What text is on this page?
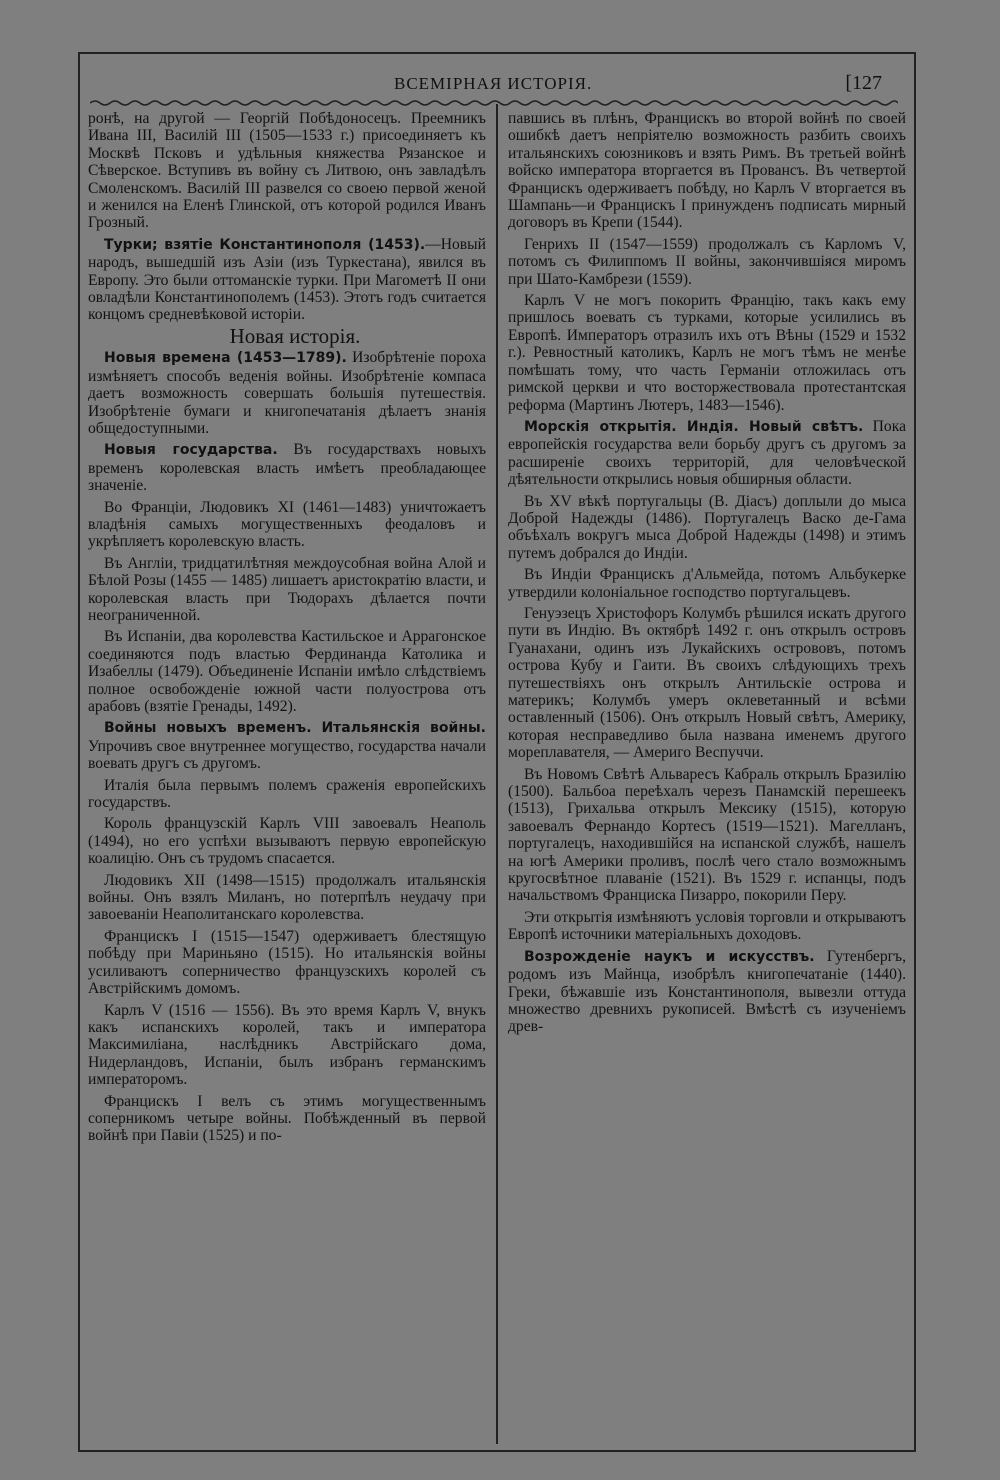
ВСЕМІРНАЯ ИСТОРІЯ.	[127

ронѣ, на другой — Георгій Побѣдоносецъ. Преемникъ Ивана III, Василій III (1505—1533 г.) присоединяетъ къ Москвѣ Псковъ и удѣльныя княжества Рязанское и Сѣверское. Вступивъ въ войну съ Литвою, онъ завладѣлъ Смоленскомъ. Василій III развелся со своею первой женой и женился на Еленѣ Глинской, отъ которой родился Иванъ Грозный.

Турки; взятіе Константинополя (1453).—Новый народъ, вышедшій изъ Азіи (изъ Туркестана), явился въ Европу. Это были оттоманскіе турки. При Магометѣ II они овладѣли Константинополемъ (1453). Этотъ годъ считается концомъ средневѣковой исторіи.

Новая исторія.

Новыя времена (1453—1789). Изобрѣтеніе пороха измѣняетъ способъ веденія войны. Изобрѣтеніе компаса даетъ возможность совершать большія путешествія. Изобрѣтеніе бумаги и книгопечатанія дѣлаетъ знанія общедоступными.

Новыя государства. Въ государствахъ новыхъ временъ королевская власть имѣетъ преобладающее значеніе.

Во Франціи, Людовикъ XI (1461—1483) уничтожаетъ владѣнія самыхъ могущественныхъ феодаловъ и укрѣпляетъ королевскую власть.

Въ Англіи, тридцатилѣтняя междоусобная война Алой и Бѣлой Розы (1455 — 1485) лишаетъ аристократію власти, и королевская власть при Тюдорахъ дѣлается почти неограниченной.

Въ Испаніи, два королевства Кастильское и Аррагонское соединяются подъ властью Фердинанда Католика и Изабеллы (1479). Объединеніе Испаніи имѣло слѣдствіемъ полное освобожденіе южной части полуострова отъ арабовъ (взятіе Гренады, 1492).

Войны новыхъ временъ. Итальянскія войны. Упрочивъ свое внутреннее могущество, государства начали воевать другъ съ другомъ.

Италія была первымъ полемъ сраженія европейскихъ государствъ.

Король французскій Карлъ VIII завоевалъ Неаполь (1494), но его успѣхи вызываютъ первую европейскую коалицію. Онъ съ трудомъ спасается.

Людовикъ XII (1498—1515) продолжалъ итальянскія войны. Онъ взялъ Миланъ, но потерпѣлъ неудачу при завоеваніи Неаполитанскаго королевства.

Францискъ I (1515—1547) одерживаетъ блестящую побѣду при Мариньяно (1515). Но итальянскія войны усиливаютъ соперничество французскихъ королей съ Австрійскимъ домомъ.

Карлъ V (1516 — 1556). Въ это время Карлъ V, внукъ какъ испанскихъ королей, такъ и императора Максимиліана, наслѣдникъ Австрійскаго дома, Нидерландовъ, Испаніи, былъ избранъ германскимъ императоромъ.

Францискъ I велъ съ этимъ могущественнымъ соперникомъ четыре войны. Побѣжденный въ первой войнѣ при Павіи (1525) и по-

павшись въ плѣнъ, Францискъ во второй войнѣ по своей ошибкѣ даетъ непріятелю возможность разбить своихъ итальянскихъ союзниковъ и взять Римъ. Въ третьей войнѣ войско императора вторгается въ Провансъ. Въ четвертой Францискъ одерживаетъ побѣду, но Карлъ V вторгается въ Шампань—и Францискъ I принужденъ подписать мирный договоръ въ Крепи (1544).

Генрихъ II (1547—1559) продолжалъ съ Карломъ V, потомъ съ Филиппомъ II войны, закончившіяся миромъ при Шато-Камбрези (1559).

Карлъ V не могъ покорить Францію, такъ какъ ему пришлось воевать съ турками, которые усилились въ Европѣ. Императоръ отразилъ ихъ отъ Вѣны (1529 и 1532 г.). Ревностный католикъ, Карлъ не могъ тѣмъ не менѣе помѣшать тому, что часть Германіи отложилась отъ римской церкви и что восторжествовала протестантская реформа (Мартинъ Лютеръ, 1483—1546).

Морскія открытія. Индія. Новый свѣтъ. Пока европейскія государства вели борьбу другъ съ другомъ за расширеніе своихъ территорій, для человѣческой дѣятельности открылись новыя обширныя области.

Въ XV вѣкѣ португальцы (В. Діасъ) доплыли до мыса Доброй Надежды (1486). Португалецъ Васко де-Гама объѣхалъ вокругъ мыса Доброй Надежды (1498) и этимъ путемъ добрался до Индіи.

Въ Индіи Францискъ д'Альмейда, потомъ Альбукерке утвердили колоніальное господство португальцевъ.

Генуэзецъ Христофоръ Колумбъ рѣшился искать другого пути въ Индію. Въ октябрѣ 1492 г. онъ открылъ островъ Гуанахани, одинъ изъ Лукайскихъ острововъ, потомъ острова Кубу и Гаити. Въ своихъ слѣдующихъ трехъ путешествіяхъ онъ открылъ Антильскіе острова и материкъ; Колумбъ умеръ оклеветанный и всѣми оставленный (1506). Онъ открылъ Новый свѣтъ, Америку, которая несправедливо была названа именемъ другого мореплавателя, — Америго Веспуччи.

Въ Новомъ Свѣтѣ Альваресъ Кабраль открылъ Бразилію (1500). Бальбоа переѣхалъ черезъ Панамскій перешеекъ (1513), Грихальва открылъ Мексику (1515), которую завоевалъ Фернандо Кортесъ (1519—1521). Магелланъ, португалецъ, находившійся на испанской службѣ, нашелъ на югѣ Америки проливъ, послѣ чего стало возможнымъ кругосвѣтное плаваніе (1521). Въ 1529 г. испанцы, подъ начальствомъ Франциска Пизарро, покорили Перу.

Эти открытія измѣняютъ условія торговли и открываютъ Европѣ источники матеріальныхъ доходовъ.

Возрожденіе наукъ и искусствъ. Гутенбергъ, родомъ изъ Майнца, изобрѣлъ книгопечатаніе (1440). Греки, бѣжавшіе изъ Константинополя, вывезли оттуда множество древнихъ рукописей. Вмѣстѣ съ изученіемъ древ-
